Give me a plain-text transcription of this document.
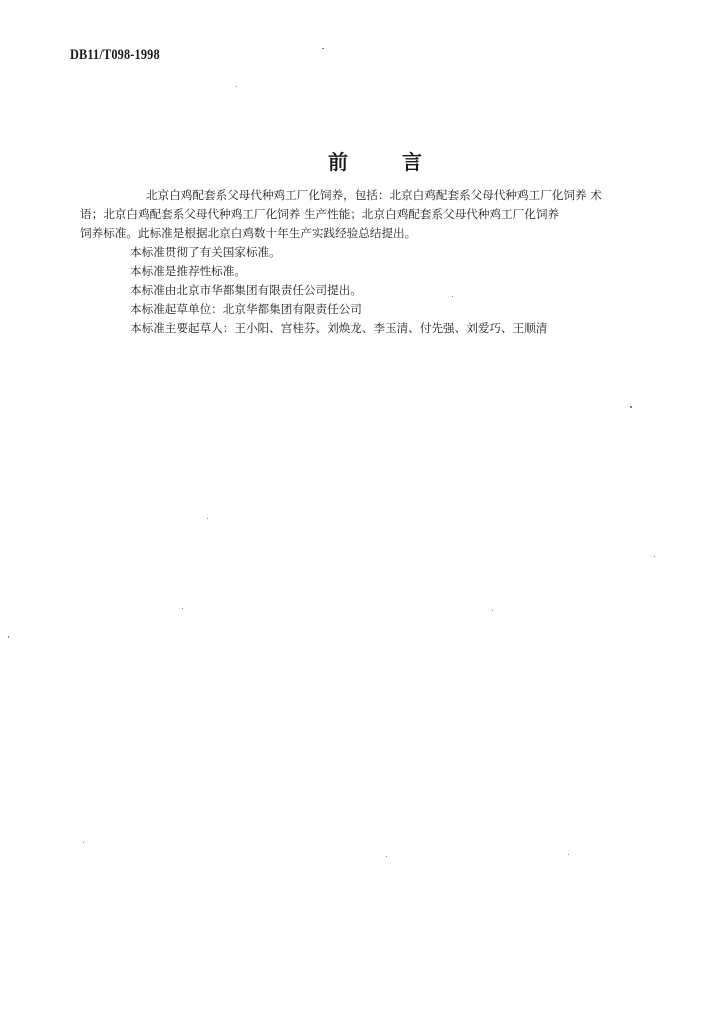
DB11/T098-1998
前	言
北京白鸡配套系父母代种鸡工厂化饲养，包括：北京白鸡配套系父母代种鸡工厂化饲养 术
语；北京白鸡配套系父母代种鸡工厂化饲养 生产性能；北京白鸡配套系父母代种鸡工厂化饲养
饲养标准。此标准是根据北京白鸡数十年生产实践经验总结提出。

本标准贯彻了有关国家标准。

本标准是推荐性标准。

本标准由北京市华都集团有限责任公司提出。

本标准起草单位：北京华都集团有限责任公司

本标准主要起草人：王小阳、宫桂芬、刘焕龙、李玉清、付先强、刘爱巧、王顺清
